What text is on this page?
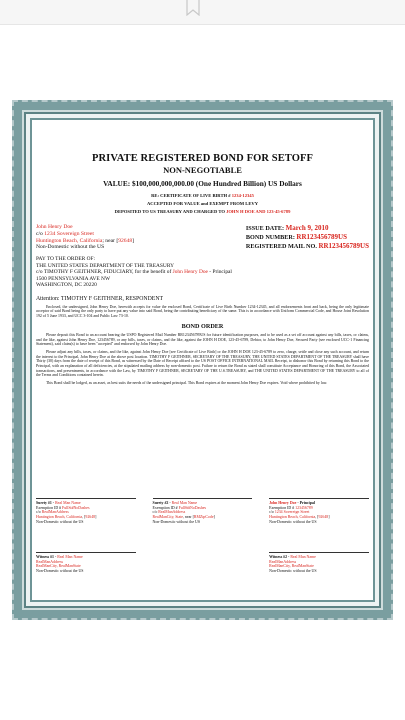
PRIVATE REGISTERED BOND FOR SETOFF
NON-NEGOTIABLE
VALUE: $100,000,000,000.00 (One Hundred Billion) US Dollars
RE: CERTIFICATE OF LIVE BIRTH # 1234-12345
ACCEPTED FOR VALUE and EXEMPT FROM LEVY
DEPOSITED TO US TREASURY AND CHARGED TO JOHN H DOE AND 123-45-6789
John Henry Doe
c/o 1234 Sovereign Street
Huntington Beach, California; near [92648]
Non-Domestic without the US
ISSUE DATE: March 9, 2010
BOND NUMBER: RR123456789US
REGISTERED MAIL NO. RR123456789US
PAY TO THE ORDER OF:
THE UNITED STATES DEPARTMENT OF THE TREASURY
c/o TIMOTHY F GEITHNER, FIDUCIARY, for the benefit of John Henry Doe - Principal
1500 PENNSYLVANIA AVE NW
WASHINGTON, DC 20220
Attention: TIMOTHY F GEITHNER, RESPONDENT
Enclosed, the undersigned, John Henry Doe, herewith accepts for value the enclosed Bond, Certificate of Live Birth Number 1234-12345, and all endorsements front and back, being the only legitimate acceptor of said Bond being the only party to have put any value into said Bond, being the contributing beneficiary of the same. This is in accordance with Uniform Commercial Code, and House Joint Resolution 192 of 5 June 1933, and UCC 3-104 and Public Law 73-10.
BOND ORDER
Please deposit this Bond to an account bearing the USPO Registered Mail Number RR123456789US for future identification purposes, and to be used as a set off account against any bills, taxes, or claims, and the like, against John Henry Doe, 123456789, or any bills, taxes, or claims, and the like, against the JOHN H DOE, 123-45-6789, Debtor, to John Henry Doe, Secured Party (see enclosed UCC-1 Financing Statement), said claim(s) to have been "accepted" and endorsed by John Henry Doe.
Please adjust any bills, taxes, or claims, and the like, against John Henry Doe [see Certificate of Live Birth] or the JOHN H DOE 123-45-6789 to zero, charge, settle and close any such account, and return the interest to the Principal, John Henry Doe at the above post location. TIMOTHY F GEITHNER, SECRETARY OF THE TREASURY, THE UNITED STATES DEPARTMENT OF THE TREASURY shall have Thirty (30) days from the date of receipt of this Bond, as witnessed by the Date of Receipt affixed to the US POST OFFICE INTERNATIONAL MAIL Receipt, to dishonor this Bond by returning this Bond to the Principal, with an explanation of all deficiencies, at the stipulated mailing address by non-domestic post. Failure to return the Bond as stated shall constitute Acceptance and Honoring of this Bond, the Associated transactions, and presentments, in accordance with the Law, by TIMOTHY F GEITHNER, SECRETARY OF THE U.S.TREASURY, and THE UNITED STATES DEPARTMENT OF THE TREASURY to all of the Terms and Conditions contained herein.
This Bond shall be lodged, as an asset, as best suits the needs of the undersigned principal. This Bond expires at the moment John Henry Doe expires. Void where prohibited by law.
Surety #1 - Real Man Name
Exemption ID # FullSt#NoDashes
c/o RealManAddress
Huntington Beach, California, [92648]
Non-Domestic without the US
Surety #2 - Real Man Name
Exemption ID # FullSt#NoDashes
c/o RealManAddress
RealManCity, State, near [RMZipCode]
Non-Domestic without the US
John Henry Doe - Principal
Exemption ID # 123456789
c/o 1234 Sovereign Street
Huntington Beach, California, [92648]
Non-Domestic without the US
Witness #1 - Real Man Name
RealManAddress
RealManCity, RealManState
Non-Domestic without the US
Witness #2 - Real Man Name
RealManAddress
RealManCity, RealManState
Non-Domestic without the US
